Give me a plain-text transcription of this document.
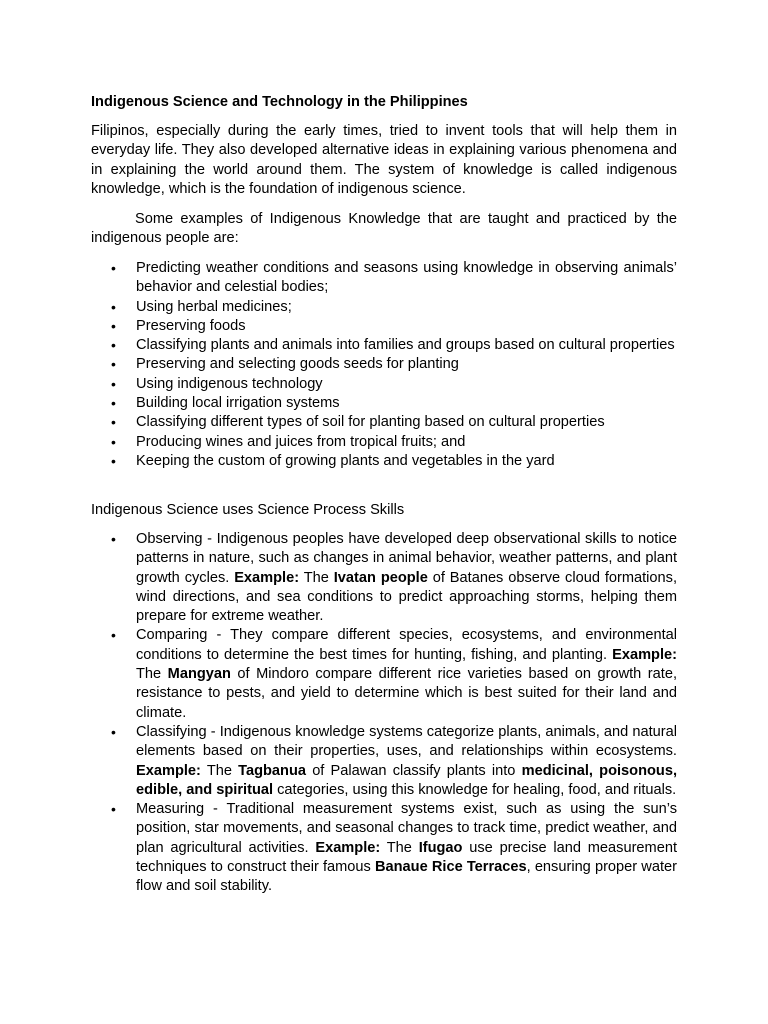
Indigenous Science and Technology in the Philippines

Filipinos, especially during the early times, tried to invent tools that will help them in everyday life. They also developed alternative ideas in explaining various phenomena and in explaining the world around them. The system of knowledge is called indigenous knowledge, which is the foundation of indigenous science.

Some examples of Indigenous Knowledge that are taught and practiced by the indigenous people are:

• Predicting weather conditions and seasons using knowledge in observing animals’ behavior and celestial bodies;
• Using herbal medicines;
• Preserving foods
• Classifying plants and animals into families and groups based on cultural properties
• Preserving and selecting goods seeds for planting
• Using indigenous technology
• Building local irrigation systems
• Classifying different types of soil for planting based on cultural properties
• Producing wines and juices from tropical fruits; and
• Keeping the custom of growing plants and vegetables in the yard

Indigenous Science uses Science Process Skills

• Observing - Indigenous peoples have developed deep observational skills to notice patterns in nature, such as changes in animal behavior, weather patterns, and plant growth cycles. Example: The Ivatan people of Batanes observe cloud formations, wind directions, and sea conditions to predict approaching storms, helping them prepare for extreme weather.
• Comparing - They compare different species, ecosystems, and environmental conditions to determine the best times for hunting, fishing, and planting. Example: The Mangyan of Mindoro compare different rice varieties based on growth rate, resistance to pests, and yield to determine which is best suited for their land and climate.
• Classifying - Indigenous knowledge systems categorize plants, animals, and natural elements based on their properties, uses, and relationships within ecosystems. Example: The Tagbanua of Palawan classify plants into medicinal, poisonous, edible, and spiritual categories, using this knowledge for healing, food, and rituals.
• Measuring - Traditional measurement systems exist, such as using the sun’s position, star movements, and seasonal changes to track time, predict weather, and plan agricultural activities. Example: The Ifugao use precise land measurement techniques to construct their famous Banaue Rice Terraces, ensuring proper water flow and soil stability.
